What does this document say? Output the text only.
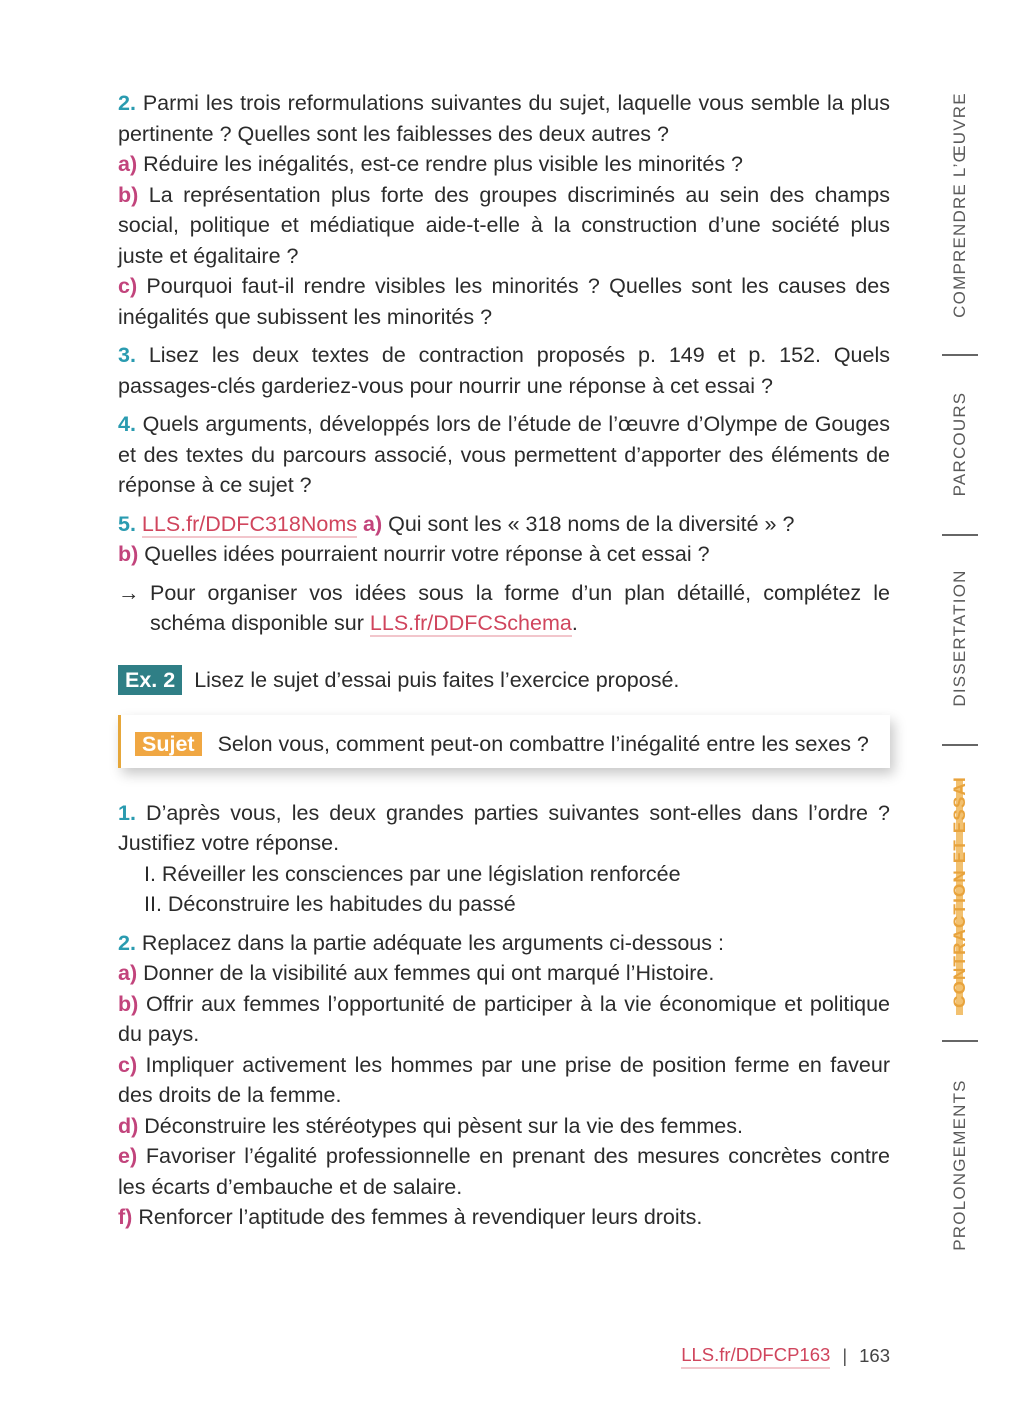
2. Parmi les trois reformulations suivantes du sujet, laquelle vous semble la plus pertinente ? Quelles sont les faiblesses des deux autres ?

a) Réduire les inégalités, est-ce rendre plus visible les minorités ?

b) La représentation plus forte des groupes discriminés au sein des champs social, politique et médiatique aide-t-elle à la construction d’une société plus juste et égalitaire ?

c) Pourquoi faut-il rendre visibles les minorités ? Quelles sont les causes des inégalités que subissent les minorités ?

3. Lisez les deux textes de contraction proposés p. 149 et p. 152. Quels passages-clés garderiez-vous pour nourrir une réponse à cet essai ?

4. Quels arguments, développés lors de l’étude de l’œuvre d’Olympe de Gouges et des textes du parcours associé, vous permettent d’apporter des éléments de réponse à ce sujet ?

5. LLS.fr/DDFC318Noms a) Qui sont les « 318 noms de la diversité » ?

b) Quelles idées pourraient nourrir votre réponse à cet essai ?

→ Pour organiser vos idées sous la forme d’un plan détaillé, complétez le schéma disponible sur LLS.fr/DDFCSchema.

Ex. 2 Lisez le sujet d’essai puis faites l’exercice proposé.

Sujet Selon vous, comment peut-on combattre l’inégalité entre les sexes ?

1. D’après vous, les deux grandes parties suivantes sont-elles dans l’ordre ? Justifiez votre réponse.

I. Réveiller les consciences par une législation renforcée

II. Déconstruire les habitudes du passé

2. Replacez dans la partie adéquate les arguments ci-dessous :

a) Donner de la visibilité aux femmes qui ont marqué l’Histoire.

b) Offrir aux femmes l’opportunité de participer à la vie économique et politique du pays.

c) Impliquer activement les hommes par une prise de position ferme en faveur des droits de la femme.

d) Déconstruire les stéréotypes qui pèsent sur la vie des femmes.

e) Favoriser l’égalité professionnelle en prenant des mesures concrètes contre les écarts d’embauche et de salaire.

f) Renforcer l’aptitude des femmes à revendiquer leurs droits.

COMPRENDRE L’ŒUVRE
PARCOURS
DISSERTATION
CONTRACTION ET ESSAI
PROLONGEMENTS
LLS.fr/DDFCP163 | 163
